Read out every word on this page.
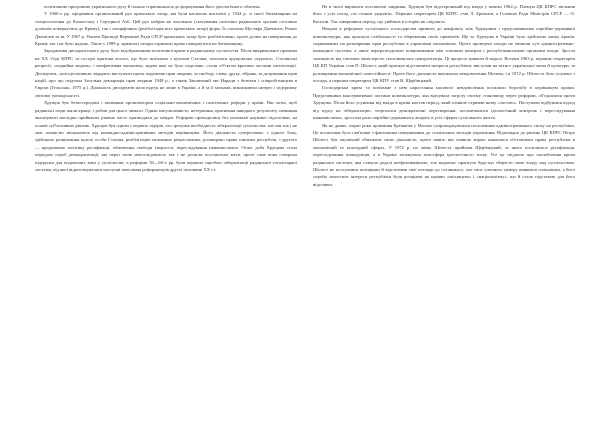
політичною програмою українського руху й сильно спричинилася до формування його ідеологічного обличчя.

У 1960-х рр. оформився організований рух кримських татар, які були насильно виселені у 1944 р. зі своєї батьківщини на спецпоселення до Казахстану і Середньої Азії. Цей рух набрав як загальних (скасування політики радянських органів стосовно дозволів повернутися до Криму), так і специфічних (реабілітація всіх кримських татар) форм. Їх очолили Мустафа Джемілєв, Решат Джемілєв та ін. У 1967 р. Указом Президії Верховної Ради СРСР кримських татар було реабілітовано, проте дозвіл на повернення до Криму так і не було надано. Лише у 1989 р. кримські татари отримали право повернутися на батьківщину.

Зародження дисидентського руху було відображенням політичної кризи в радянському суспільстві. Після викривальної промови на XX з'їзді КПРС та гострої критики всього, що було пов'язано з культом Сталіна, почалася хрущовська «відлига». Сталінські репресії, «подвійна мораль» і неефективна економіка, вадам якої не було подолано, стали об'єктом критики частини інтелігенції. Дисиденти, «шістдесятники» відкрито виступали проти порушень прав людини, за свободу слова, друку, зібрань, за дотримання прав націй, про що свідчила Загальна декларація прав людини 1948 р., а також Заключний акт Наради з безпеки і співробітництва в Європі (Гельсінкі, 1975 р.). Діяльність дисидентів мала відгук не лише в Україні, а й за її межами, викликаючи інтерес і підтримку світової громадськості.

Хрущов був безпосереднім і активним організатором соціально-економічних і політичних реформ у країні. Він хотів, щоб радянські люди жили краще, і робив для цього чимало. Однак імпульсивність, нетерпіння, прагнення швидкого результату, невміння аналізувати наслідки прийнятих рішень часто призводили до невдач. Реформи проводилися без належної наукової підготовки, на основі суб'єктивних рішень. Хрущов був одним з перших лідерів, хто зрозумів необхідність лібералізації суспільства, але він так і не зміг повністю звільнитися від командно-адміністративних методів керівництва. Його діяльність суперечлива: з одного боку, здійснено розвінчання культу особи Сталіна, реабілітацію незаконно репресованих, розширено права союзних республік, з другого — продовжено політику русифікації, обмеження свободи творчості, переслідування інакомислячих. Отже, доба Хрущова стала періодом спроб демократизації, які через свою непослідовність так і не досягли поставленої мети, проте саме вона створила підґрунтя для подальших змін у суспільстві, а реформи 50—60-х рр. були першою спробою лібералізації радянської тоталітарної системи, від якої відштовхувалися наступні покоління реформаторів другої половини XX ст.

Не в змозі вирішити поставлені завдання, Хрущов був відсторонений від влади у жовтні 1964 р. Пленум ЦК КПРС звільнив його з усіх посад «за станом здоров'я». Першим секретарем ЦК КПРС став Л. Брежнєв, а Головою Ради Міністрів СРСР — О. Косигін. Так завершився період, що увійшов в історію як «відлига».

Невдачі в реформах суспільного господарства привели до конфлікту між Хрущовим і представниками партійно-державної номенклатури, яка прагнула стабільності та збереження своїх привілеїв. Ще за Хрущова в Україні було здійснено низку кроків, спрямованих на розширення прав республіки в управлінні економікою. Проте проведені заходи не змінили суті адміністративно-командної системи, а лише перерозподілили повноваження між союзним центром і республіканськими органами влади. Зросла залежність від союзних міністерств, посилювалась централізація. Ці процеси тривали й надалі. Восени 1963 р. першим секретарем ЦК КП України став П. Шелест, який прагнув відстоювати інтереси республіки, виступав на захист української мови й культури, за розширення економічної самостійності. Проте його діяльність викликала невдоволення Москви, і в 1972 р. Шелеста було усунено з посади, а першим секретарем ЦК КПУ став В. Щербицький.

Господарська криза та пов'язане з нею наростання масового невдоволення посилили боротьбу в керівництві країни. Представники консервативної частини номенклатури, яка відчувала загрозу своєму становищу через реформи, об'єдналися проти Хрущова. Після його усунення від влади в країні настав період, який пізніше отримав назву «застою». Поступово відбувався відхід від курсу на лібералізацію, згорталися демократичні перетворення, посилювалися ідеологічний контроль і переслідування інакомислячих, зростала роль партійно-державного апарату в усіх сферах суспільного життя.

Як не дивно, перші роки правління Брежнєва у Москві супроводжувалися посиленням адміністративного тиску на республіки. Це посилення було пов'язане з фактичним поверненням до сталінських методів управління. Відповідно до рішень ЦК КПРС Петро Шелест був змушений обмежити свою діяльність, проте навіть він певною мірою намагався обстоювати права республіки в економічній та культурній сферах. У 1972 р. на зміну Шелесту прийшов Щербицький, за якого посилилася русифікація, переслідування інакодумців, а в Україні запанувала атмосфера ідеологічного тиску. Усе це свідчило про поглиблення кризи радянської системи, яка ставала дедалі неефективнішою, але водночас прагнула будь-що зберегти свою владу над суспільством. Шелест не поступився позиціями й відстоював свої погляди до останнього, але тиск союзного центру виявився сильнішим, а його спроби захистити інтереси республіки були розцінені як прояви «місництва» і «націоналізму», що й стало підставою для його відставки.
